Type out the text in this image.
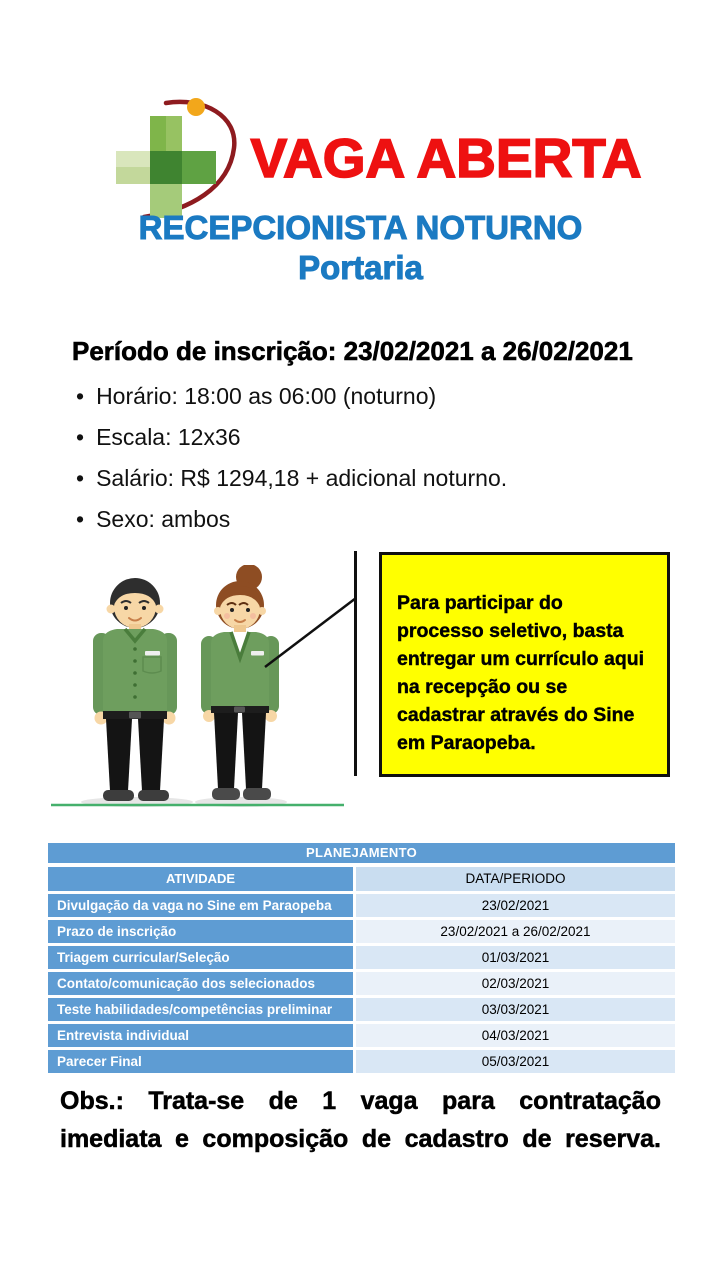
VAGA ABERTA
RECEPCIONISTA NOTURNO
Portaria
Período de inscrição: 23/02/2021 a 26/02/2021
• Horário: 18:00 as 06:00 (noturno)
• Escala: 12x36
• Salário: R$ 1294,18 + adicional noturno.
• Sexo: ambos
Para participar do processo seletivo, basta entregar um currículo aqui na recepção ou se cadastrar através do Sine em Paraopeba.
PLANEJAMENTO
ATIVIDADE	DATA/PERIODO
Divulgação da vaga no Sine em Paraopeba	23/02/2021
Prazo de inscrição	23/02/2021 a 26/02/2021
Triagem curricular/Seleção	01/03/2021
Contato/comunicação dos selecionados	02/03/2021
Teste habilidades/competências preliminar	03/03/2021
Entrevista individual	04/03/2021
Parecer Final	05/03/2021
Obs.: Trata-se de 1 vaga para contratação imediata e composição de cadastro de reserva.
